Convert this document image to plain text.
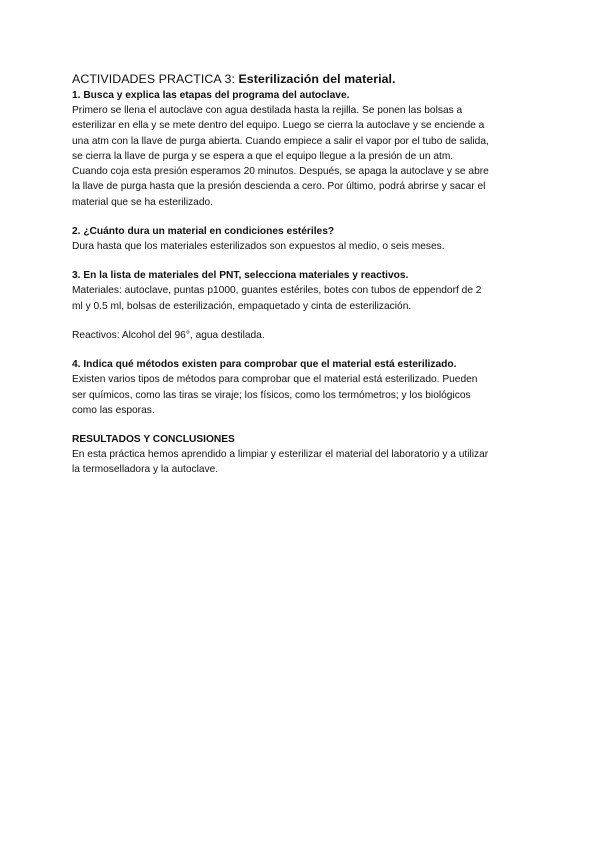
ACTIVIDADES PRACTICA 3: Esterilización del material.

1. Busca y explica las etapas del programa del autoclave.

Primero se llena el autoclave con agua destilada hasta la rejilla. Se ponen las bolsas a

esterilizar en ella y se mete dentro del equipo. Luego se cierra la autoclave y se enciende a

una atm con la llave de purga abierta. Cuando empiece a salir el vapor por el tubo de salida,

se cierra la llave de purga y se espera a que el equipo llegue a la presión de un atm.

Cuando coja esta presión esperamos 20 minutos. Después, se apaga la autoclave y se abre

la llave de purga hasta que la presión descienda a cero. Por último, podrá abrirse y sacar el

material que se ha esterilizado.

2. ¿Cuánto dura un material en condiciones estériles?

Dura hasta que los materiales esterilizados son expuestos al medio, o seis meses.

3. En la lista de materiales del PNT, selecciona materiales y reactivos.

Materiales: autoclave, puntas p1000, guantes estériles, botes con tubos de eppendorf de 2

ml y 0.5 ml, bolsas de esterilización, empaquetado y cinta de esterilización.

Reactivos: Alcohol del 96°, agua destilada.

4. Indica qué métodos existen para comprobar que el material está esterilizado.

Existen varios tipos de métodos para comprobar que el material está esterilizado. Pueden

ser químicos, como las tiras se viraje; los físicos, como los termómetros; y los biológicos

como las esporas.

RESULTADOS Y CONCLUSIONES

En esta práctica hemos aprendido a limpiar y esterilizar el material del laboratorio y a utilizar

la termoselladora y la autoclave.
